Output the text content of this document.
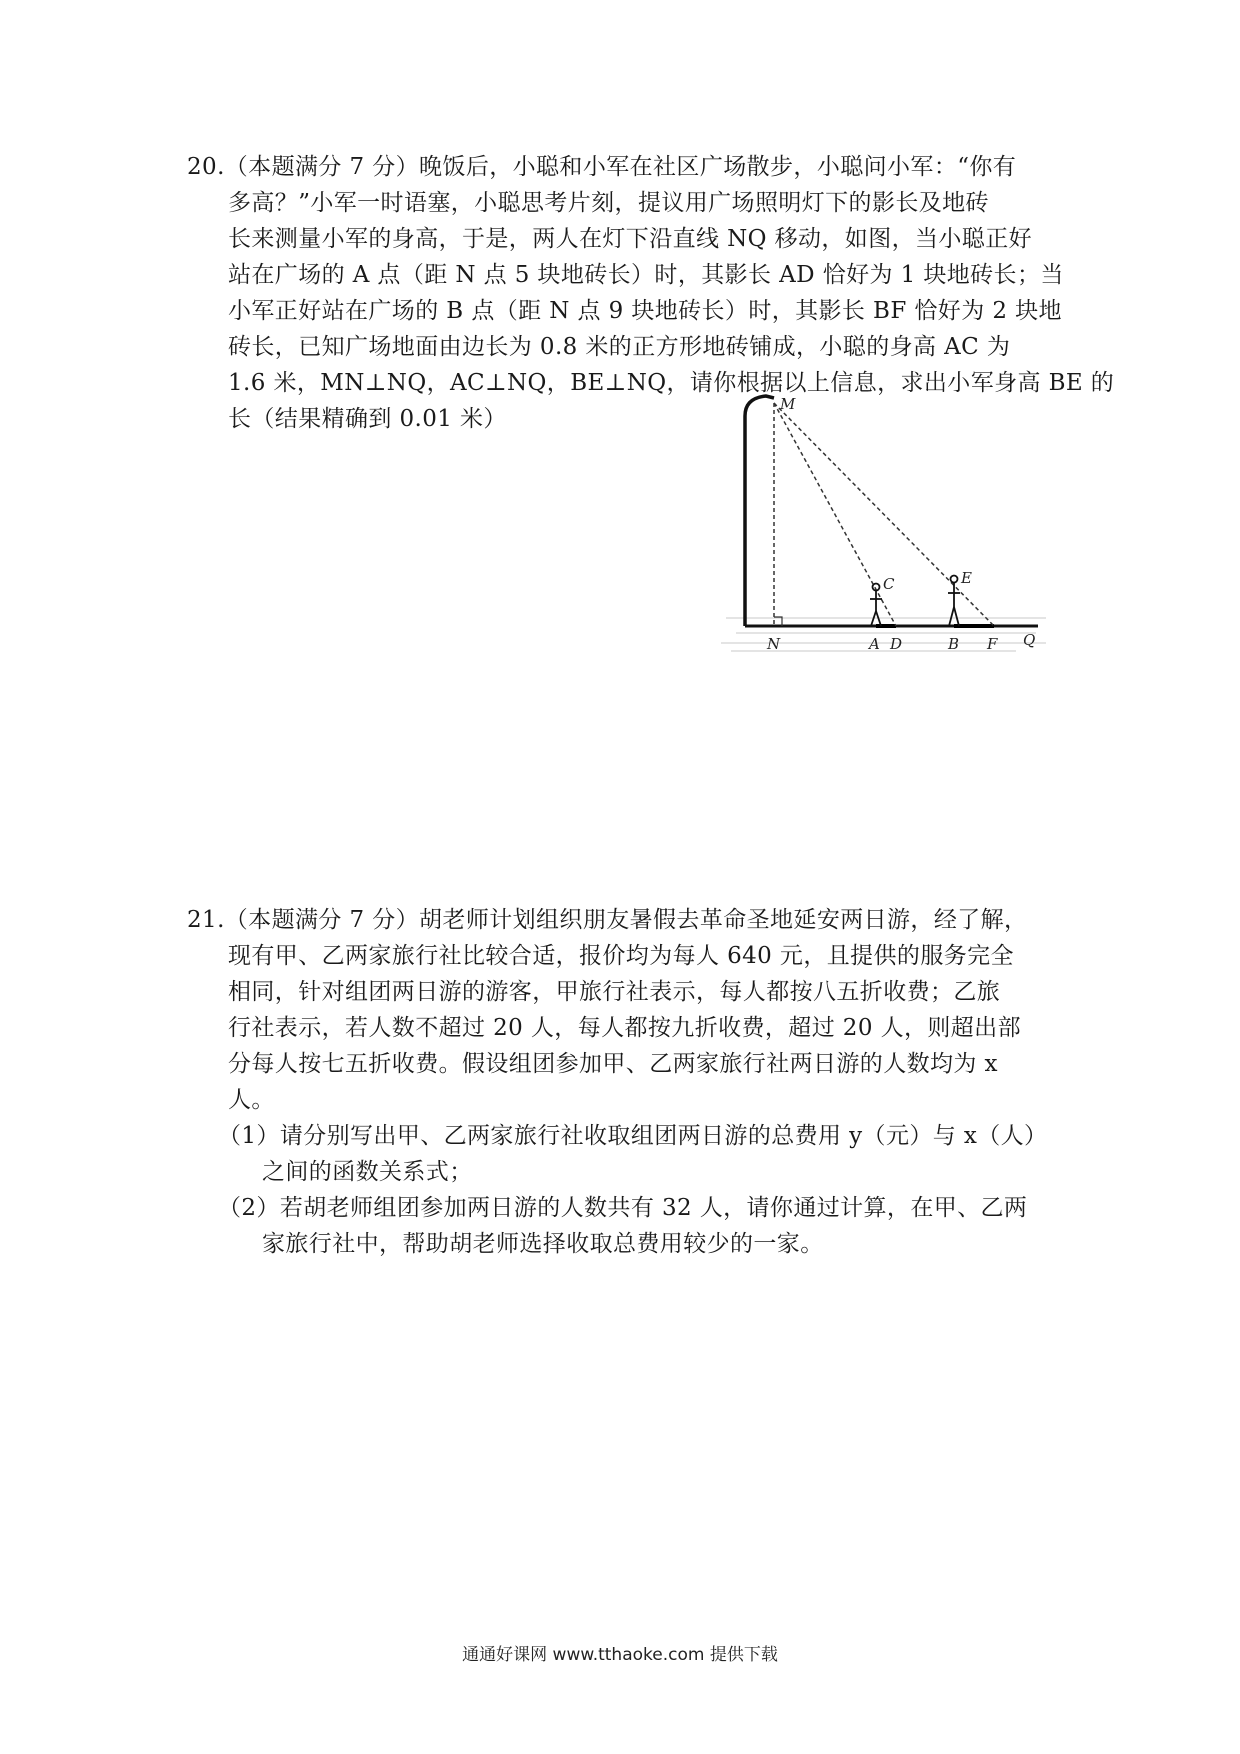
20.（本题满分 7 分）晚饭后，小聪和小军在社区广场散步，小聪问小军：“你有
多高？”小军一时语塞，小聪思考片刻，提议用广场照明灯下的影长及地砖
长来测量小军的身高，于是，两人在灯下沿直线 NQ 移动，如图，当小聪正好
站在广场的 A 点（距 N 点 5 块地砖长）时，其影长 AD 恰好为 1 块地砖长；当
小军正好站在广场的 B 点（距 N 点 9 块地砖长）时，其影长 BF 恰好为 2 块地
砖长，已知广场地面由边长为 0.8 米的正方形地砖铺成，小聪的身高 AC 为
1.6 米，MN⊥NQ，AC⊥NQ，BE⊥NQ，请你根据以上信息，求出小军身高 BE 的
长（结果精确到 0.01 米）
M
N	A D	B F Q
C	E
21.（本题满分 7 分）胡老师计划组织朋友暑假去革命圣地延安两日游，经了解，
现有甲、乙两家旅行社比较合适，报价均为每人 640 元，且提供的服务完全
相同，针对组团两日游的游客，甲旅行社表示，每人都按八五折收费；乙旅
行社表示，若人数不超过 20 人，每人都按九折收费，超过 20 人，则超出部
分每人按七五折收费。假设组团参加甲、乙两家旅行社两日游的人数均为 x
人。
（1）请分别写出甲、乙两家旅行社收取组团两日游的总费用 y（元）与 x（人）
之间的函数关系式；
（2）若胡老师组团参加两日游的人数共有 32 人，请你通过计算，在甲、乙两
家旅行社中，帮助胡老师选择收取总费用较少的一家。
通通好课网 www.tthaoke.com 提供下载
